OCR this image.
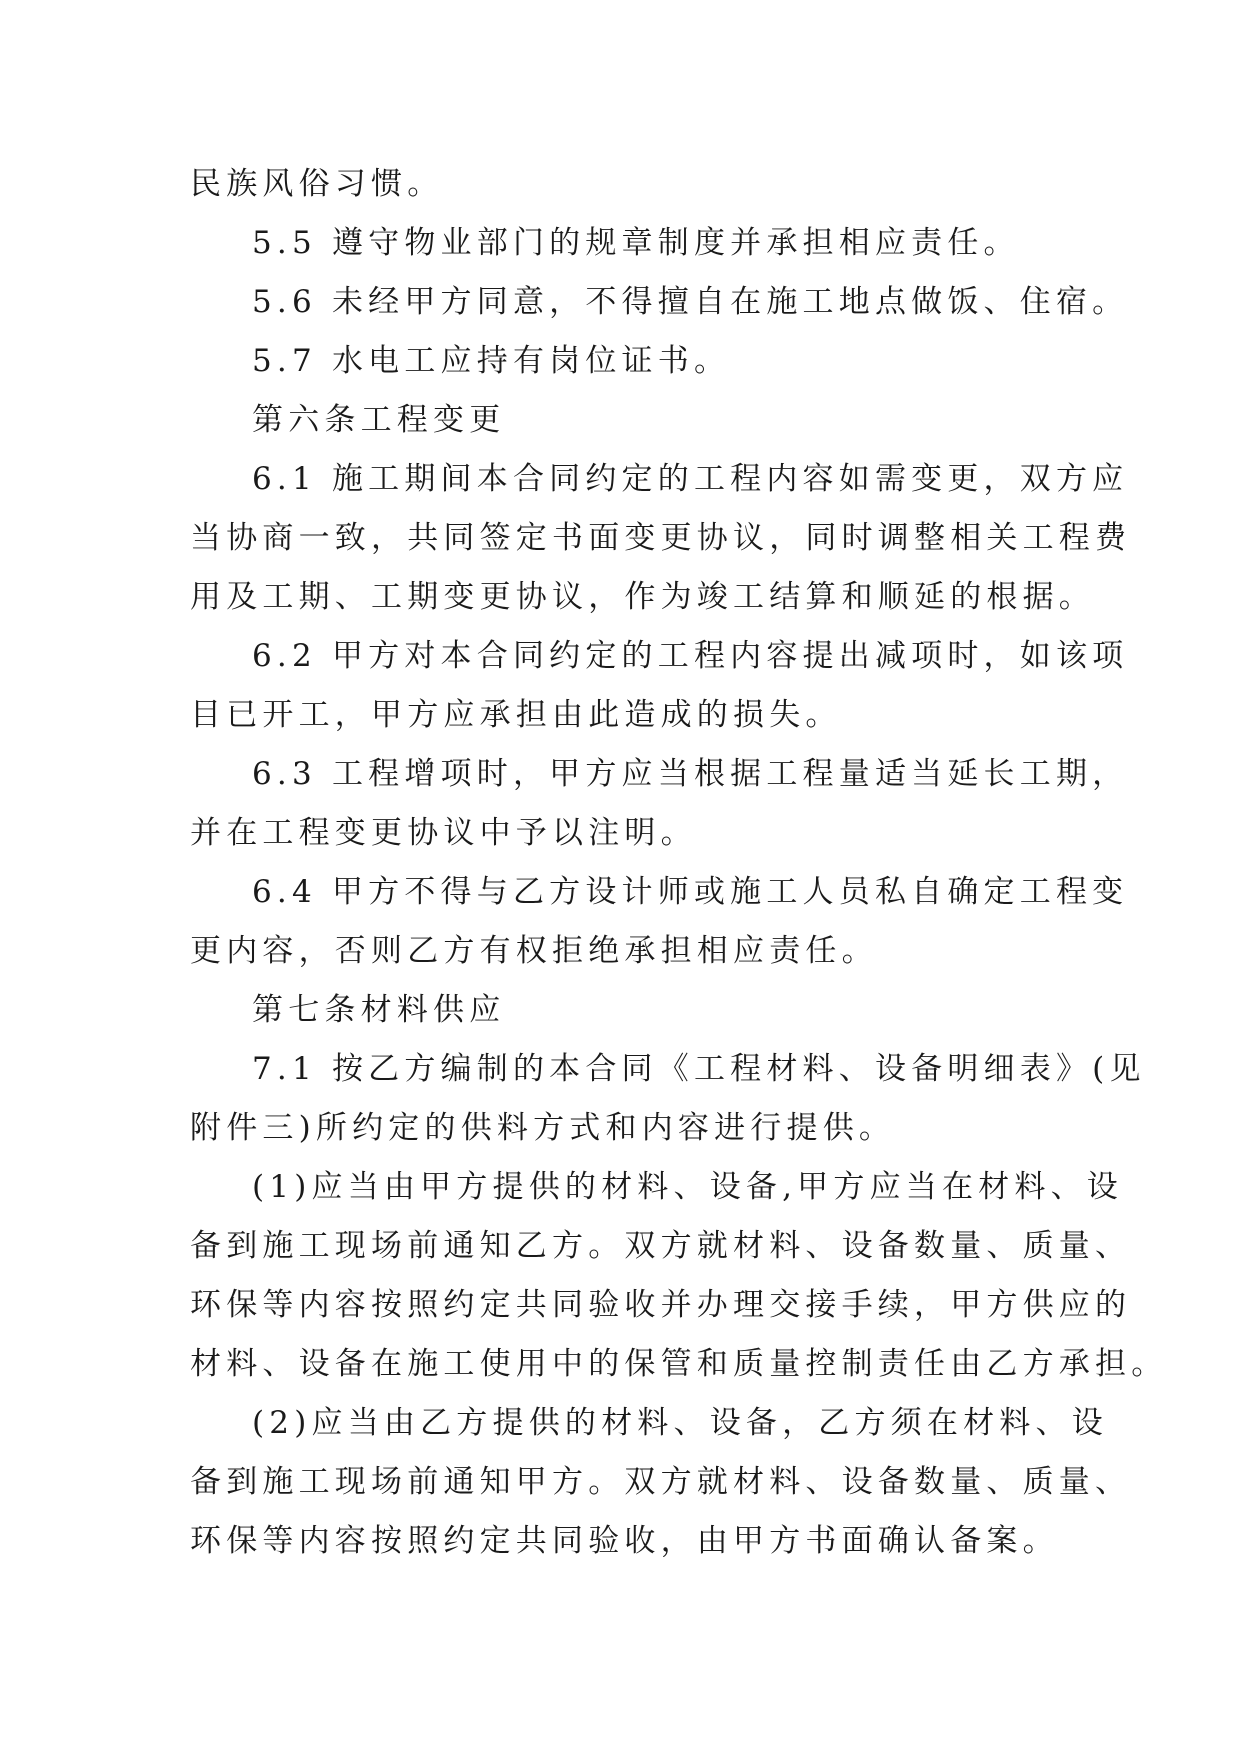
民族风俗习惯。
5.5 遵守物业部门的规章制度并承担相应责任。
5.6 未经甲方同意，不得擅自在施工地点做饭、住宿。
5.7 水电工应持有岗位证书。
第六条工程变更
6.1 施工期间本合同约定的工程内容如需变更，双方应
当协商一致，共同签定书面变更协议，同时调整相关工程费
用及工期、工期变更协议，作为竣工结算和顺延的根据。
6.2 甲方对本合同约定的工程内容提出减项时，如该项
目已开工，甲方应承担由此造成的损失。
6.3 工程增项时，甲方应当根据工程量适当延长工期，
并在工程变更协议中予以注明。
6.4 甲方不得与乙方设计师或施工人员私自确定工程变
更内容，否则乙方有权拒绝承担相应责任。
第七条材料供应
7.1 按乙方编制的本合同《工程材料、设备明细表》(见
附件三)所约定的供料方式和内容进行提供。
(1)应当由甲方提供的材料、设备,甲方应当在材料、设
备到施工现场前通知乙方。双方就材料、设备数量、质量、
环保等内容按照约定共同验收并办理交接手续，甲方供应的
材料、设备在施工使用中的保管和质量控制责任由乙方承担。
(2)应当由乙方提供的材料、设备，乙方须在材料、设
备到施工现场前通知甲方。双方就材料、设备数量、质量、
环保等内容按照约定共同验收，由甲方书面确认备案。
